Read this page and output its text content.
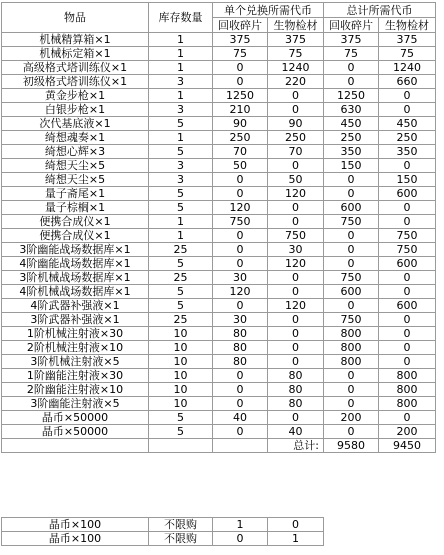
物品	库存数量	单个兑换所需代币		总计所需代币	
		回收碎片	生物检材	回收碎片	生物检材
机械精算箱×1	1	375	375	375	375
机械标定箱×1	1	75	75	75	75
高级格式塔训练仪×1	1	0	1240	0	1240
初级格式塔训练仪×1	3	0	220	0	660
黄金步枪×1	1	1250	0	1250	0
白银步枪×1	3	210	0	630	0
次代基底液×1	5	90	90	450	450
绮想魂奏×1	1	250	250	250	250
绮想心辉×3	5	70	70	350	350
绮想天尘×5	3	50	0	150	0
绮想天尘×5	3	0	50	0	150
量子斋尾×1	5	0	120	0	600
量子棕榈×1	5	120	0	600	0
便携合成仪×1	1	750	0	750	0
便携合成仪×1	1	0	750	0	750
3阶幽能战场数据库×1	25	0	30	0	750
4阶幽能战场数据库×1	5	0	120	0	600
3阶机械战场数据库×1	25	30	0	750	0
4阶机械战场数据库×1	5	120	0	600	0
4阶武器补强液×1	5	0	120	0	600
3阶武器补强液×1	25	30	0	750	0
1阶机械注射液×30	10	80	0	800	0
2阶机械注射液×10	10	80	0	800	0
3阶机械注射液×5	10	80	0	800	0
1阶幽能注射液×30	10	0	80	0	800
2阶幽能注射液×10	10	0	80	0	800
3阶幽能注射液×5	10	0	80	0	800
晶币×50000	5	40	0	200	0
晶币×50000	5	0	40	0	200
			总计:	9580	9450
晶币×100	不限购	1	0
晶币×100	不限购	0	1
